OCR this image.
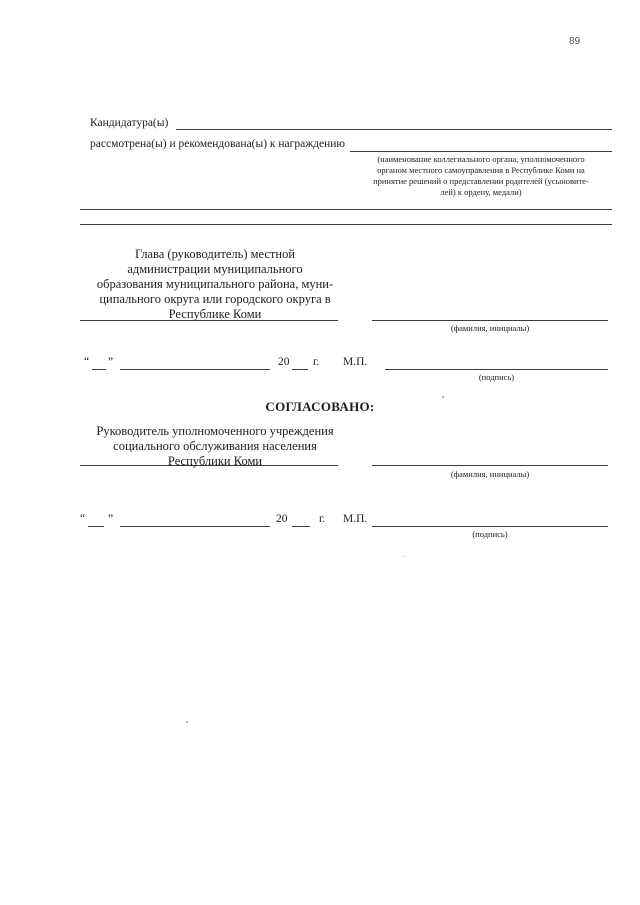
89
Кандидатура(ы)
рассмотрена(ы) и рекомендована(ы) к награждению
(наименование коллегиального органа, уполномоченного
органом местного самоуправления в Республике Коми на
принятие решений о представлении родителей (усыновите-
лей) к ордену, медали)
Глава (руководитель) местной
администрации муниципального
образования муниципального района, муни-
ципального округа или городского округа в
Республике Коми
(фамилия, инициалы)
“ ”	20 г. М.П.
(подпись)
СОГЛАСОВАНО:
Руководитель уполномоченного учреждения
социального обслуживания населения
Республики Коми
(фамилия, инициалы)
“ ”	20	г. М.П.
(подпись)
